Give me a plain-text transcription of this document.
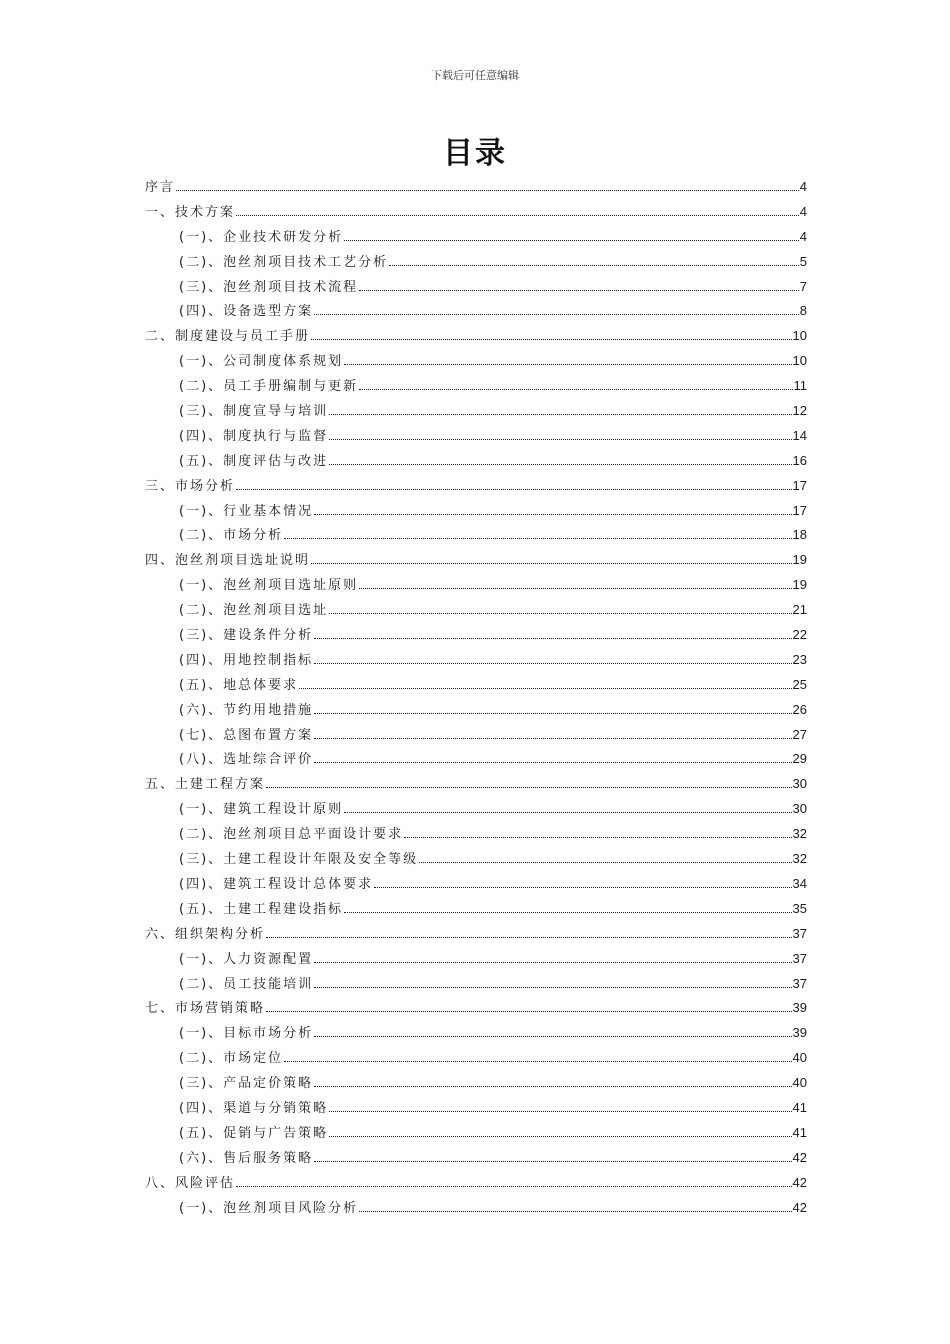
下载后可任意编辑
目录
序言	4
一、技术方案	4
(一)、企业技术研发分析	4
(二)、泡丝剂项目技术工艺分析	5
(三)、泡丝剂项目技术流程	7
(四)、设备选型方案	8
二、制度建设与员工手册	10
(一)、公司制度体系规划	10
(二)、员工手册编制与更新	11
(三)、制度宣导与培训	12
(四)、制度执行与监督	14
(五)、制度评估与改进	16
三、市场分析	17
(一)、行业基本情况	17
(二)、市场分析	18
四、泡丝剂项目选址说明	19
(一)、泡丝剂项目选址原则	19
(二)、泡丝剂项目选址	21
(三)、建设条件分析	22
(四)、用地控制指标	23
(五)、地总体要求	25
(六)、节约用地措施	26
(七)、总图布置方案	27
(八)、选址综合评价	29
五、土建工程方案	30
(一)、建筑工程设计原则	30
(二)、泡丝剂项目总平面设计要求	32
(三)、土建工程设计年限及安全等级	32
(四)、建筑工程设计总体要求	34
(五)、土建工程建设指标	35
六、组织架构分析	37
(一)、人力资源配置	37
(二)、员工技能培训	37
七、市场营销策略	39
(一)、目标市场分析	39
(二)、市场定位	40
(三)、产品定价策略	40
(四)、渠道与分销策略	41
(五)、促销与广告策略	41
(六)、售后服务策略	42
八、风险评估	42
(一)、泡丝剂项目风险分析	42
